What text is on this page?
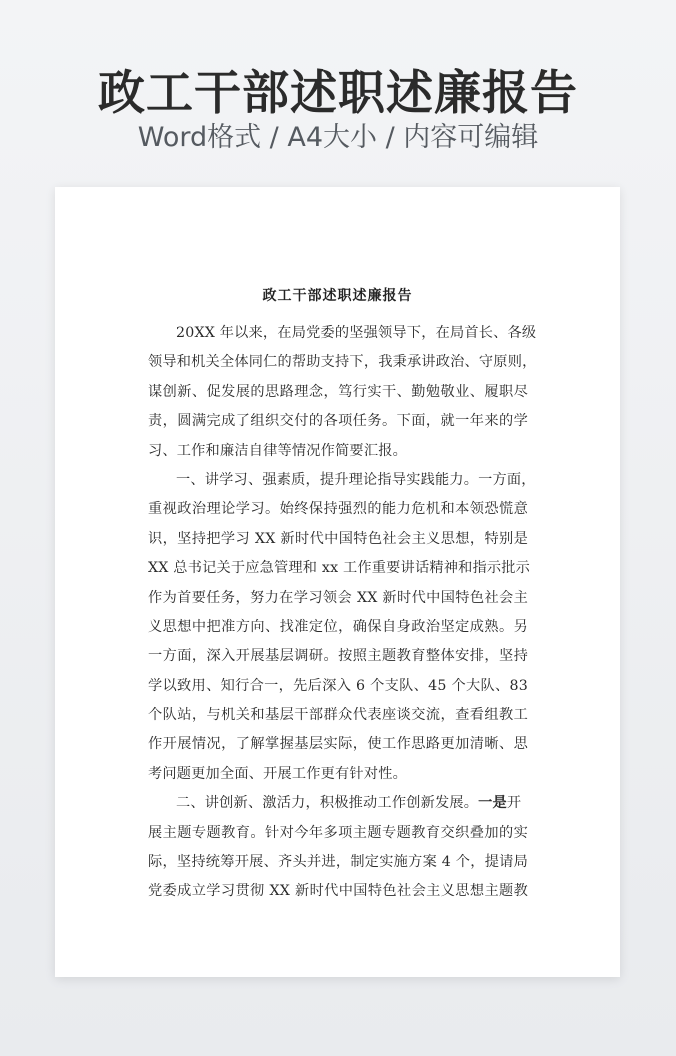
政工干部述职述廉报告
Word格式 / A4大小 / 内容可编辑
政工干部述职述廉报告
20XX 年以来，在局党委的坚强领导下，在局首长、各级
领导和机关全体同仁的帮助支持下，我秉承讲政治、守原则，
谋创新、促发展的思路理念，笃行实干、勤勉敬业、履职尽
责，圆满完成了组织交付的各项任务。下面，就一年来的学
习、工作和廉洁自律等情况作简要汇报。
一、讲学习、强素质，提升理论指导实践能力。一方面，
重视政治理论学习。始终保持强烈的能力危机和本领恐慌意
识，坚持把学习 XX 新时代中国特色社会主义思想，特别是
XX 总书记关于应急管理和 xx 工作重要讲话精神和指示批示
作为首要任务，努力在学习领会 XX 新时代中国特色社会主
义思想中把准方向、找准定位，确保自身政治坚定成熟。另
一方面，深入开展基层调研。按照主题教育整体安排，坚持
学以致用、知行合一，先后深入 6 个支队、45 个大队、83
个队站，与机关和基层干部群众代表座谈交流，查看组教工
作开展情况，了解掌握基层实际，使工作思路更加清晰、思
考问题更加全面、开展工作更有针对性。
二、讲创新、激活力，积极推动工作创新发展。一是开
展主题专题教育。针对今年多项主题专题教育交织叠加的实
际，坚持统筹开展、齐头并进，制定实施方案 4 个，提请局
党委成立学习贯彻 XX 新时代中国特色社会主义思想主题教
